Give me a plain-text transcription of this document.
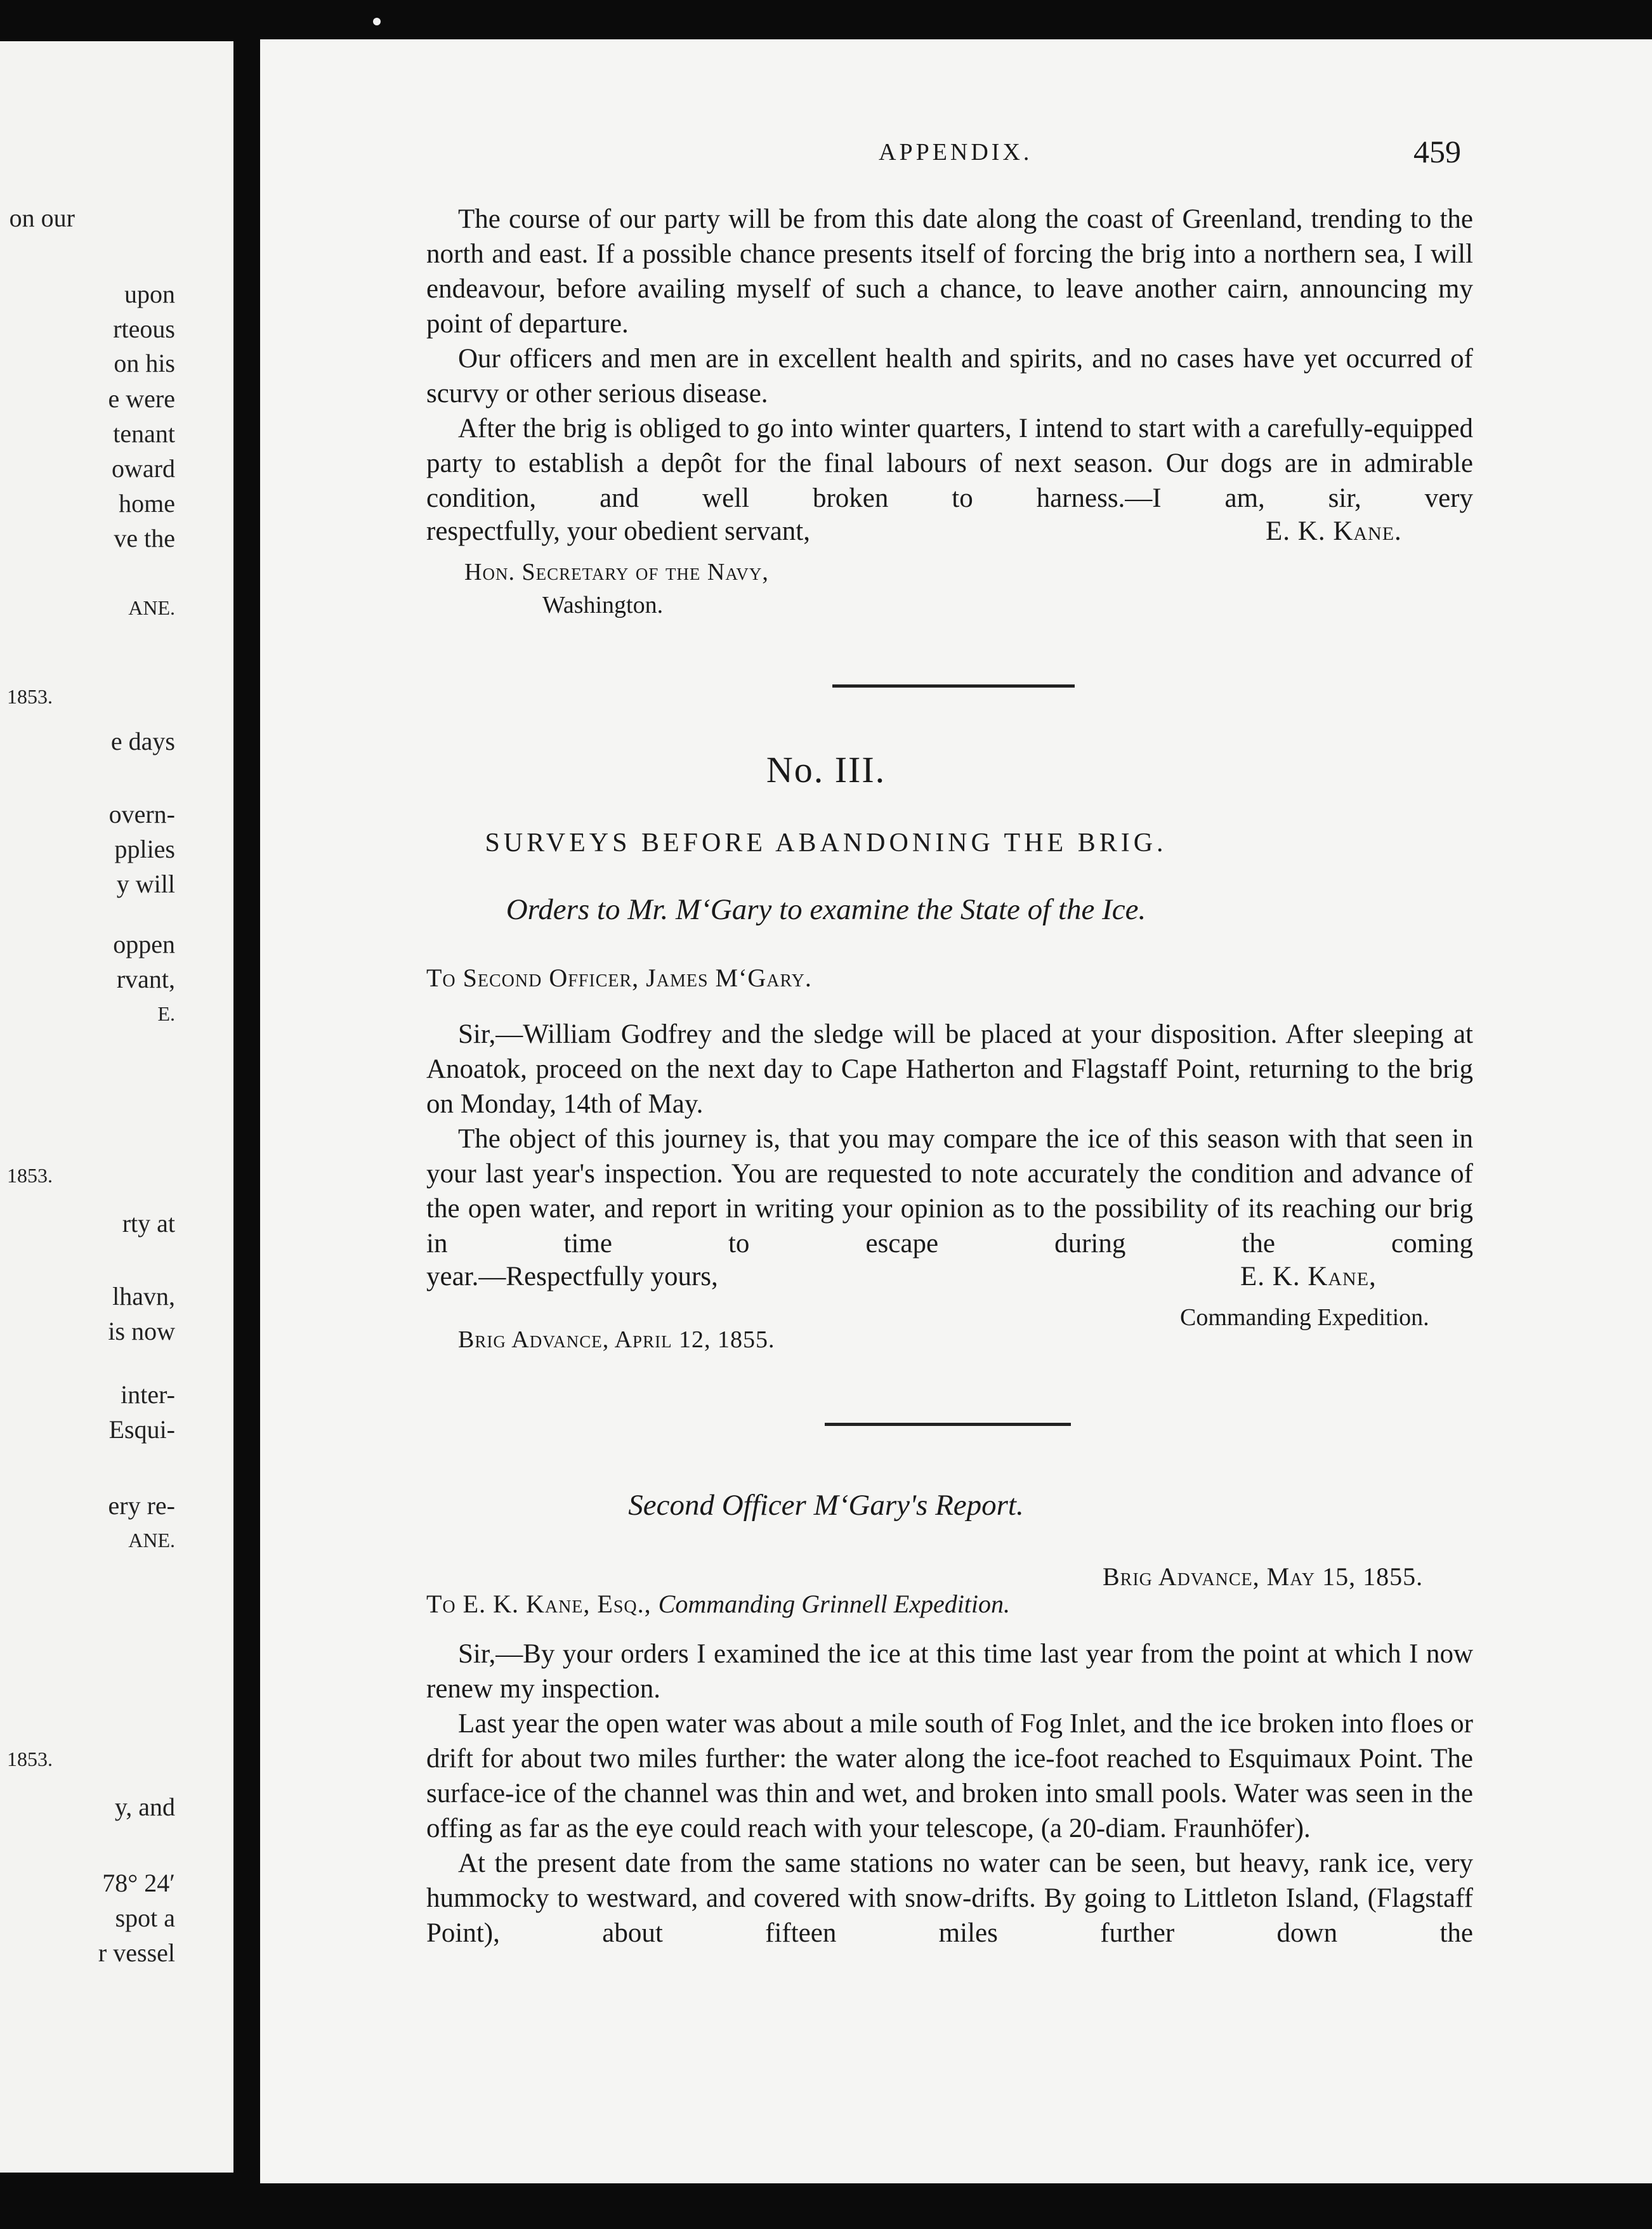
on our
upon
rteous
on his
e were
tenant
oward
home
ve the
ANE.
1853.
e days
overn-
pplies
y will
oppen
rvant,
E.
1853.
rty at
lhavn,
is now
inter-
Esqui-
ery re-
ANE.
1853.
y, and
78° 24′
spot a
r vessel
APPENDIX.	459

The course of our party will be from this date along the coast of Greenland, trending to the north and east. If a possible chance presents itself of forcing the brig into a northern sea, I will endeavour, before availing myself of such a chance, to leave another cairn, announcing my point of departure.

Our officers and men are in excellent health and spirits, and no cases have yet occurred of scurvy or other serious disease.

After the brig is obliged to go into winter quarters, I intend to start with a carefully-equipped party to establish a depôt for the final labours of next season. Our dogs are in admirable condition, and well broken to harness.—I am, sir, very

respectfully, your obedient servant,	E. K. Kane.
Hon. Secretary of the Navy,
Washington.
No. III.
SURVEYS BEFORE ABANDONING THE BRIG.
Orders to Mr. M‘Gary to examine the State of the Ice.
To Second Officer, James M‘Gary.

Sir,—William Godfrey and the sledge will be placed at your disposition. After sleeping at Anoatok, proceed on the next day to Cape Hatherton and Flagstaff Point, returning to the brig on Monday, 14th of May.

The object of this journey is, that you may compare the ice of this season with that seen in your last year's inspection. You are requested to note accurately the condition and advance of the open water, and report in writing your opinion as to the possibility of its reaching our brig in time to escape during the coming

year.—Respectfully yours,	E. K. Kane,
Commanding Expedition.
Brig Advance, April 12, 1855.
Second Officer M‘Gary's Report.
Brig Advance, May 15, 1855.
To E. K. Kane, Esq., Commanding Grinnell Expedition.

Sir,—By your orders I examined the ice at this time last year from the point at which I now renew my inspection.

Last year the open water was about a mile south of Fog Inlet, and the ice broken into floes or drift for about two miles further: the water along the ice-foot reached to Esquimaux Point. The surface-ice of the channel was thin and wet, and broken into small pools. Water was seen in the offing as far as the eye could reach with your telescope, (a 20-diam. Fraunhöfer).

At the present date from the same stations no water can be seen, but heavy, rank ice, very hummocky to westward, and covered with snow-drifts. By going to Littleton Island, (Flagstaff Point), about fifteen miles further down the
